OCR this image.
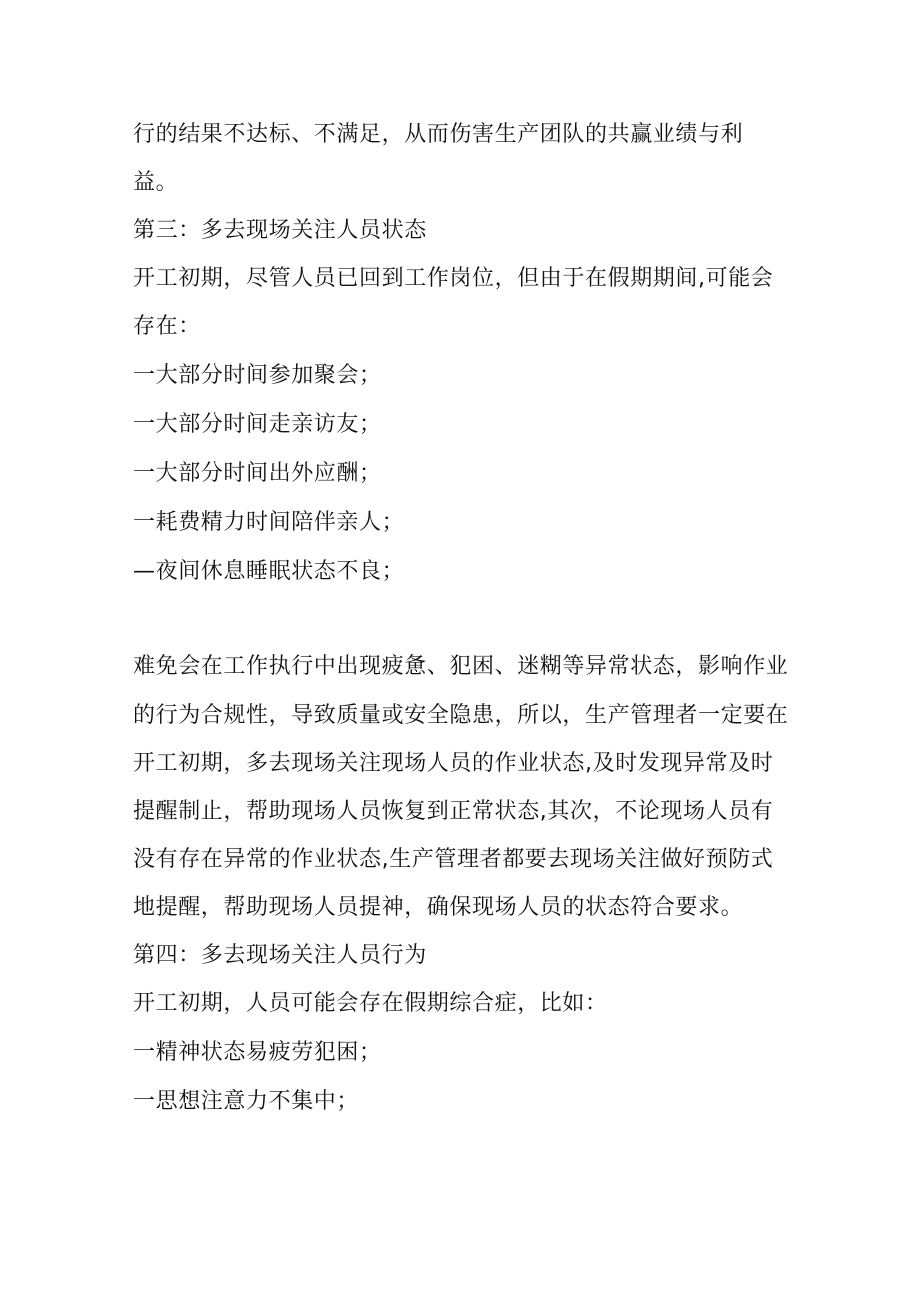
行的结果不达标、不满足，从而伤害生产团队的共赢业绩与利
益。
第三：多去现场关注人员状态
开工初期，尽管人员已回到工作岗位，但由于在假期期间,可能会
存在：
一大部分时间参加聚会；
一大部分时间走亲访友；
一大部分时间出外应酬；
一耗费精力时间陪伴亲人；
—夜间休息睡眠状态不良；
难免会在工作执行中出现疲惫、犯困、迷糊等异常状态，影响作业
的行为合规性，导致质量或安全隐患，所以，生产管理者一定要在
开工初期，多去现场关注现场人员的作业状态,及时发现异常及时
提醒制止，帮助现场人员恢复到正常状态,其次，不论现场人员有
没有存在异常的作业状态,生产管理者都要去现场关注做好预防式
地提醒，帮助现场人员提神，确保现场人员的状态符合要求。
第四：多去现场关注人员行为
开工初期，人员可能会存在假期综合症，比如：
一精神状态易疲劳犯困；
一思想注意力不集中；
